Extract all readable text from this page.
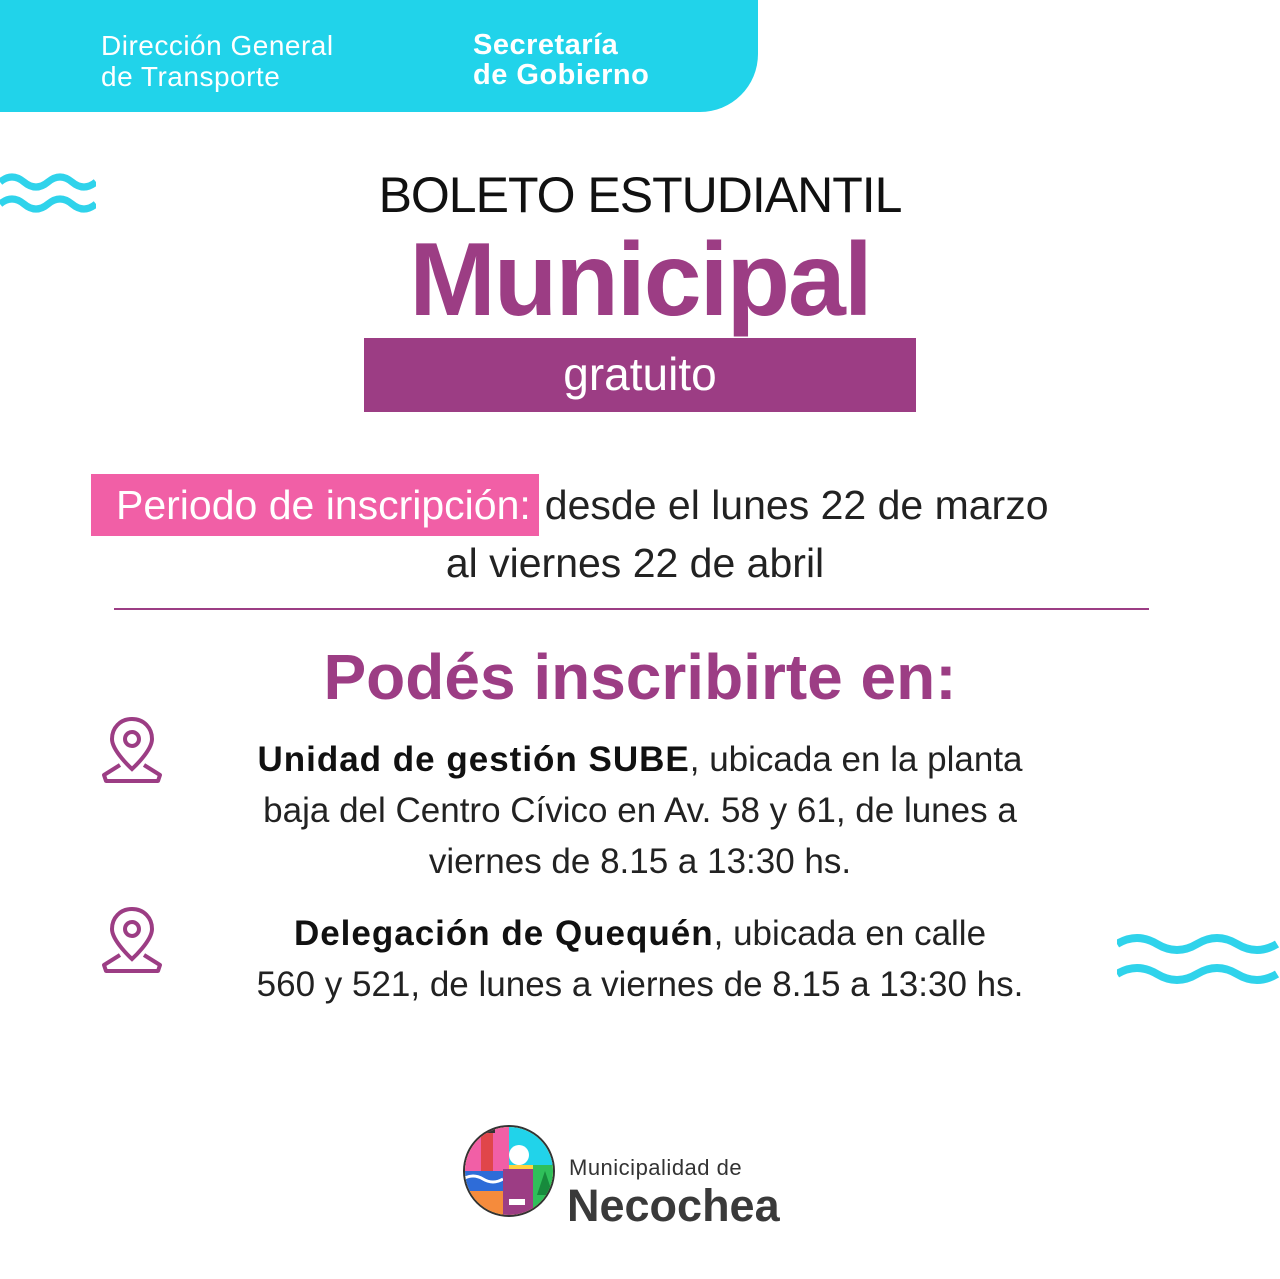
Dirección General
de Transporte
Secretaría
de Gobierno
BOLETO ESTUDIANTIL
Municipal
gratuito
Periodo de inscripción: desde el lunes 22 de marzo
al viernes 22 de abril
Podés inscribirte en:
Unidad de gestión SUBE, ubicada en la planta
baja del Centro Cívico en Av. 58 y 61, de lunes a
viernes de 8.15 a 13:30 hs.
Delegación de Quequén, ubicada en calle
560 y 521, de lunes a viernes de 8.15 a 13:30 hs.
Municipalidad de
Necochea
